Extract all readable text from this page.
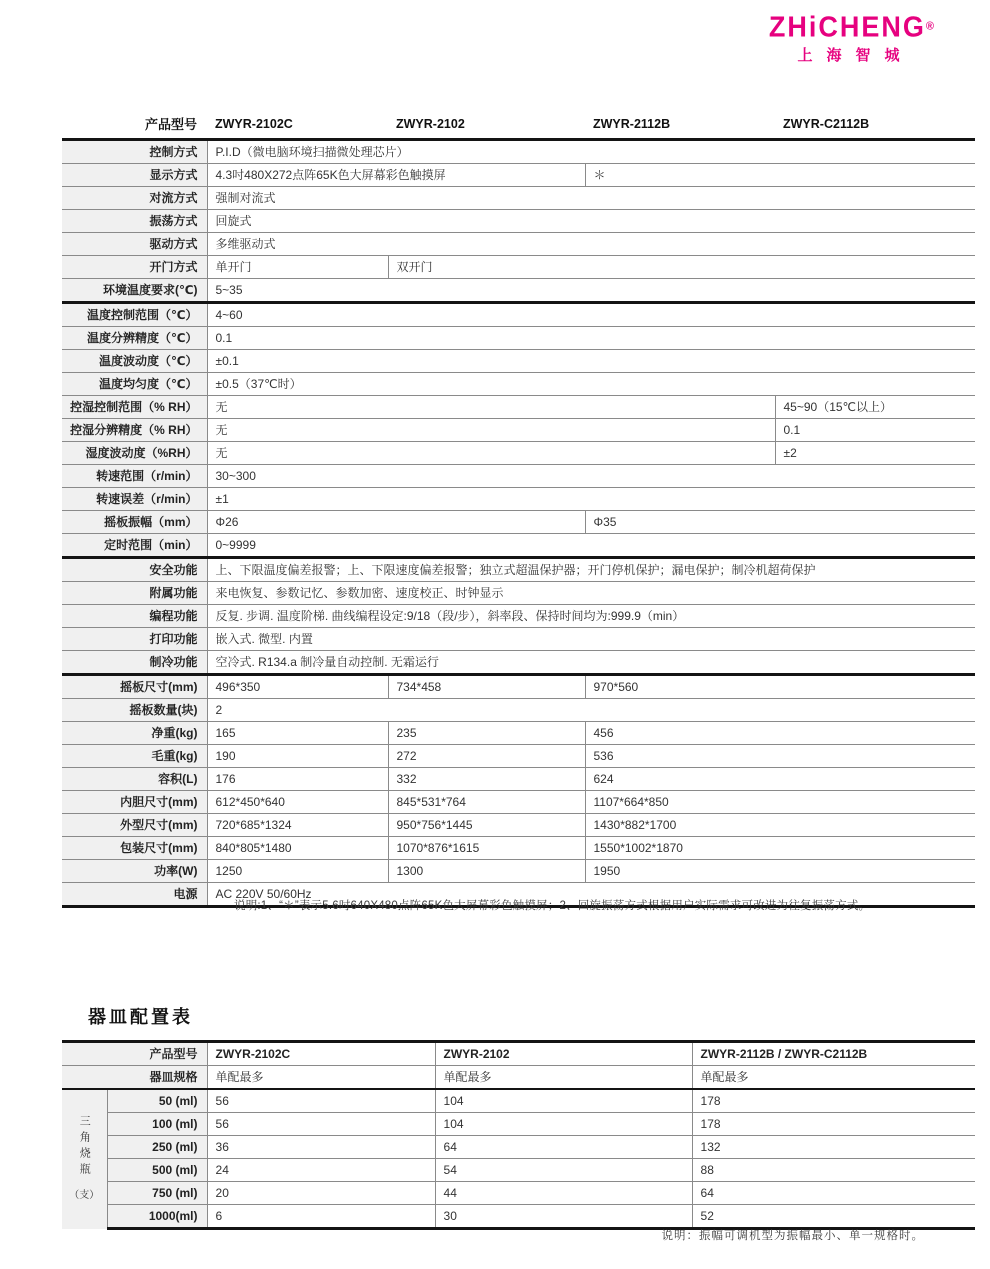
ZHiCHENG®
上海智城
产品型号	ZWYR-2102C	ZWYR-2102	ZWYR-2112B	ZWYR-C2112B
控制方式	P.I.D（微电脑环境扫描微处理芯片）			
显示方式	4.3吋480X272点阵65K色大屏幕彩色触摸屏		＊	
对流方式	强制对流式			
振荡方式	回旋式			
驱动方式	多维驱动式			
开门方式	单开门	双开门		
环境温度要求(℃)	5~35			
温度控制范围（℃）	4~60			
温度分辨精度（℃）	0.1			
温度波动度（℃）	±0.1			
温度均匀度（℃）	±0.5（37℃时）			
控湿控制范围（% RH）	无			45~90（15℃以上）
控湿分辨精度（% RH）	无			0.1
湿度波动度（%RH）	无			±2
转速范围（r/min）	30~300			
转速误差（r/min）	±1			
摇板振幅（mm）	Φ26		Φ35	
定时范围（min）	0~9999			
安全功能	上、下限温度偏差报警；上、下限速度偏差报警；独立式超温保护器；开门停机保护；漏电保护；制冷机超荷保护			
附属功能	来电恢复、参数记忆、参数加密、速度校正、时钟显示			
编程功能	反复. 步调. 温度阶梯. 曲线编程设定:9/18（段/步），斜率段、保持时间均为:999.9（min）			
打印功能	嵌入式. 微型. 内置			
制冷功能	空冷式. R134.a 制冷量自动控制. 无霜运行			
摇板尺寸(mm)	496*350	734*458	970*560	
摇板数量(块)	2			
净重(kg)	165	235	456	
毛重(kg)	190	272	536	
容积(L)	176	332	624	
内胆尺寸(mm)	612*450*640	845*531*764	1107*664*850	
外型尺寸(mm)	720*685*1324	950*756*1445	1430*882*1700	
包装尺寸(mm)	840*805*1480	1070*876*1615	1550*1002*1870	
功率(W)	1250	1300	1950	
电源	AC 220V 50/60Hz			
说明:1、“＊”表示5.6吋640X480点阵65K色大屏幕彩色触摸屏；2、回旋振荡方式根据用户实际需求可改进为往复振荡方式。
器皿配置表
产品型号		ZWYR-2102C	ZWYR-2102	ZWYR-2112B / ZWYR-C2112B
器皿规格		单配最多	单配最多	单配最多
三角烧瓶
（支）	50 (ml)	56	104	178
	100 (ml)	56	104	178
	250 (ml)	36	64	132
	500 (ml)	24	54	88
	750 (ml)	20	44	64
	1000(ml)	6	30	52
说明：振幅可调机型为振幅最小、单一规格时。
